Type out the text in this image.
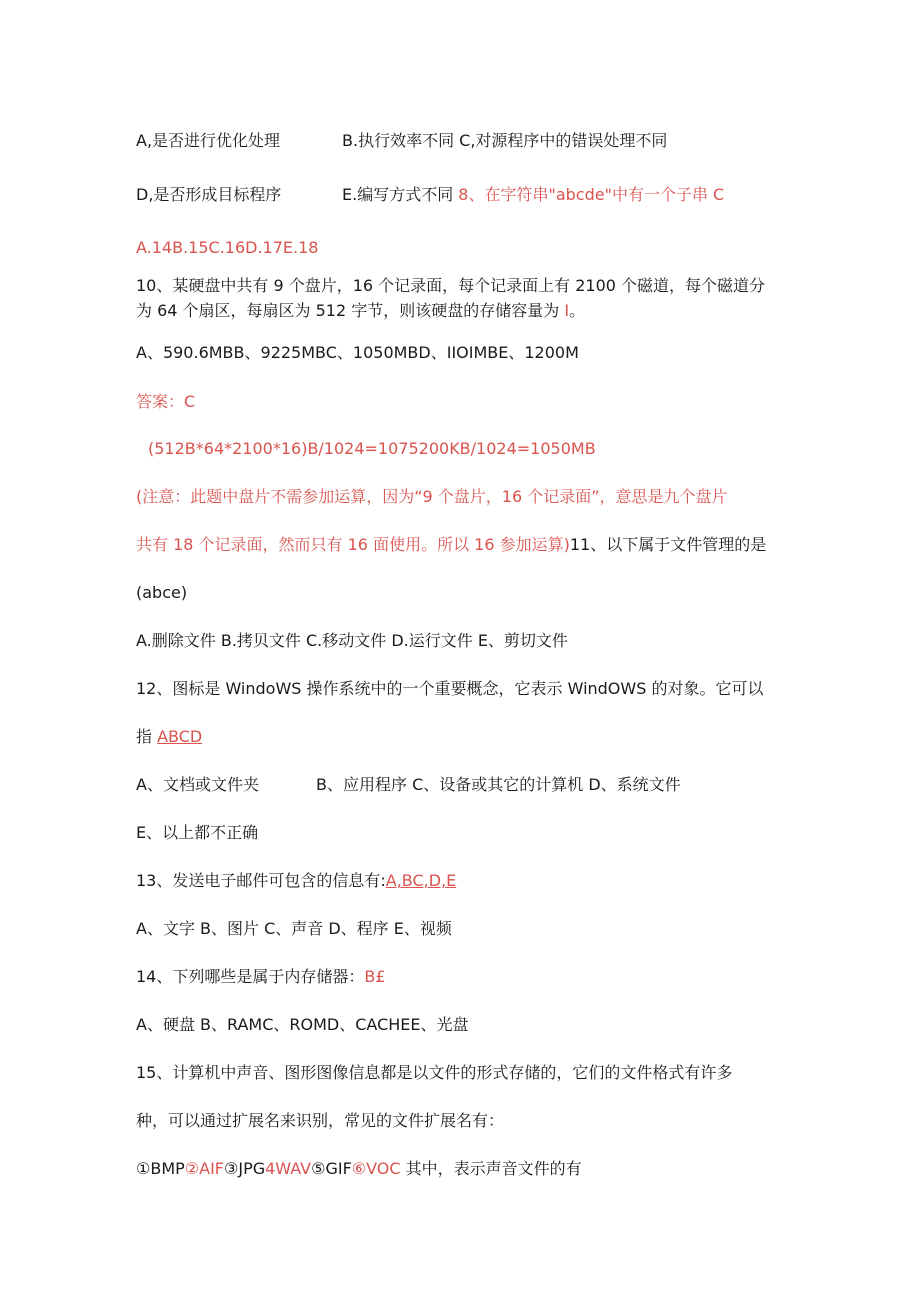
A,是否进行优化处理	B.执行效率不同 C,对源程序中的错误处理不同
D,是否形成目标程序	E.编写方式不同 8、在字符串"abcde"中有一个子串 C
A.14B.15C.16D.17E.18
10、某硬盘中共有 9 个盘片，16 个记录面，每个记录面上有 2100 个磁道，每个磁道分
为 64 个扇区，每扇区为 512 字节，则该硬盘的存储容量为 I。
A、590.6MBB、9225MBC、1050MBD、IIOIMBE、1200M
答案：C
(512B*64*2100*16)B/1024=1075200KB/1024=1050MB
(注意：此题中盘片不需参加运算，因为“9 个盘片，16 个记录面”，意思是九个盘片
共有 18 个记录面，然而只有 16 面使用。所以 16 参加运算)11、以下属于文件管理的是
(abce)
A.删除文件 B.拷贝文件 C.移动文件 D.运行文件 E、剪切文件
12、图标是 WindoWS 操作系统中的一个重要概念，它表示 WindOWS 的对象。它可以
指 ABCD
A、文档或文件夹	B、应用程序 C、设备或其它的计算机 D、系统文件
E、以上都不正确
13、发送电子邮件可包含的信息有:A,BC,D,E
A、文字 B、图片 C、声音 D、程序 E、视频
14、下列哪些是属于内存储器：B£
A、硬盘 B、RAMC、ROMD、CACHEE、光盘
15、计算机中声音、图形图像信息都是以文件的形式存储的，它们的文件格式有许多
种，可以通过扩展名来识别，常见的文件扩展名有：
①BMP②AIF③JPG4WAV⑤GIF⑥VOC 其中，表示声音文件的有
